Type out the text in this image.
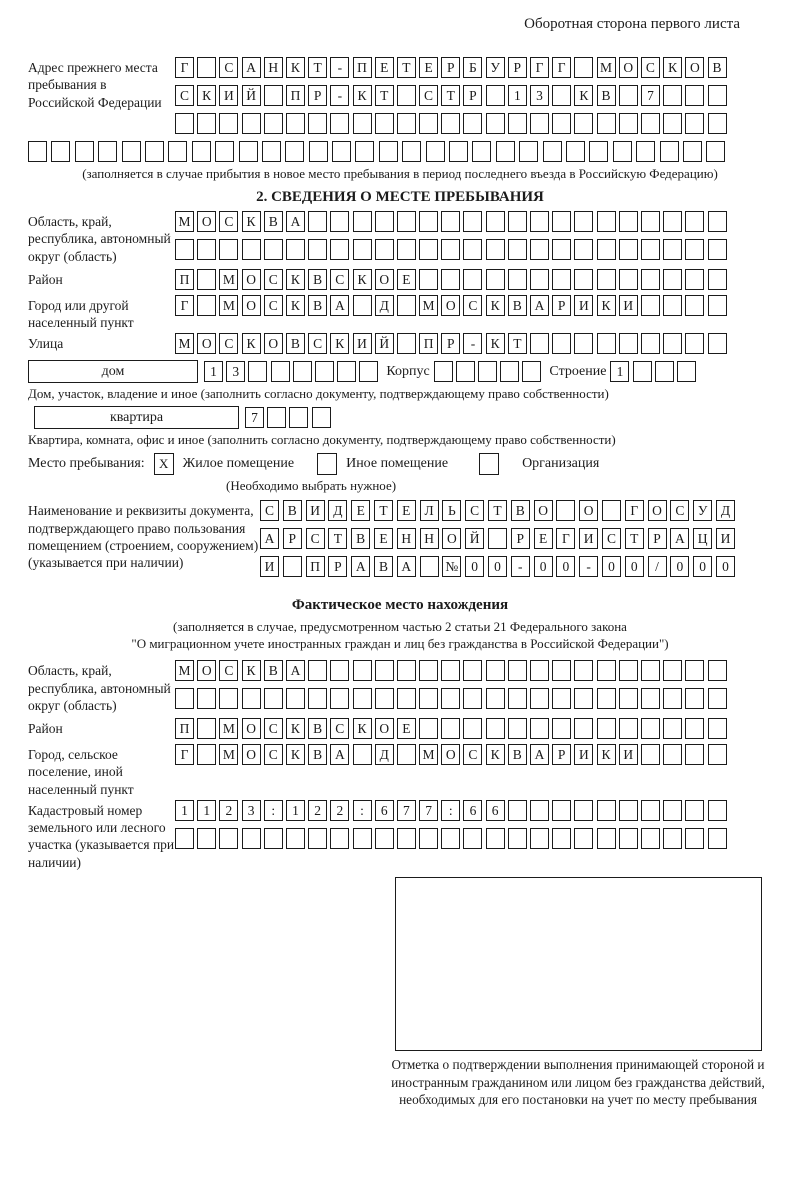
Оборотная сторона первого листа
Адрес прежнего места пребывания в Российской Федерации
Г	С А Н К	Т	-	П Е	Т	Е	Р	Б	У	Р	Г	Г	М О С К О В
С К И Й	П	Р	-	К	Т	С	Т	Р	1	3	К В	7
(заполняется в случае прибытия в новое место пребывания в период последнего въезда в Российскую Федерацию)
2. СВЕДЕНИЯ О МЕСТЕ ПРЕБЫВАНИЯ
Область, край, республика, автономный округ (область)
М О С К В А
Район	П	М О С К В С К О Е
Город или другой населенный пункт
Г	М О С К В А	Д	М О С К В А	Р	И К И
Улица	М О С К О В С К И Й	П	Р	-	К	Т
дом	1	3	Корпус	Строение 1
Дом, участок, владение и иное (заполнить согласно документу, подтверждающему право собственности)
квартира	7
Квартира, комната, офис и иное (заполнить согласно документу, подтверждающему право собственности)
Место пребывания:	X	Жилое помещение	Иное помещение	Организация
(Необходимо выбрать нужное)
Наименование и реквизиты документа, подтверждающего право пользования помещением (строением, сооружением) (указывается при наличии)
С	В И Д	Е	Т	Е	Л	Ь	С	Т	В О	О	Г	О С	У Д
А	Р	С	Т	В	Е	Н Н О Й	Р	Е	Г	И С	Т	Р	А Ц И
И	П	Р	А В А	№ 0	0	-	0	0	-	0	0	/	0	0	0
Фактическое место нахождения
(заполняется в случае, предусмотренном частью 2 статьи 21 Федерального закона
"О миграционном учете иностранных граждан и лиц без гражданства в Российской Федерации")
Область, край, республика, автономный округ (область)
М О С К В А
Район	П	М О С К В С К О Е
Город, сельское поселение, иной населенный пункт
Г	М О С К В А	Д	М О С К В А	Р	И К И
Кадастровый номер земельного или лесного участка (указывается при наличии)
1	1	2	3	:	1	2	2	:	6	7	7	:	6	6
Отметка о подтверждении выполнения принимающей стороной и иностранным гражданином или лицом без гражданства действий, необходимых для его постановки на учет по месту пребывания
